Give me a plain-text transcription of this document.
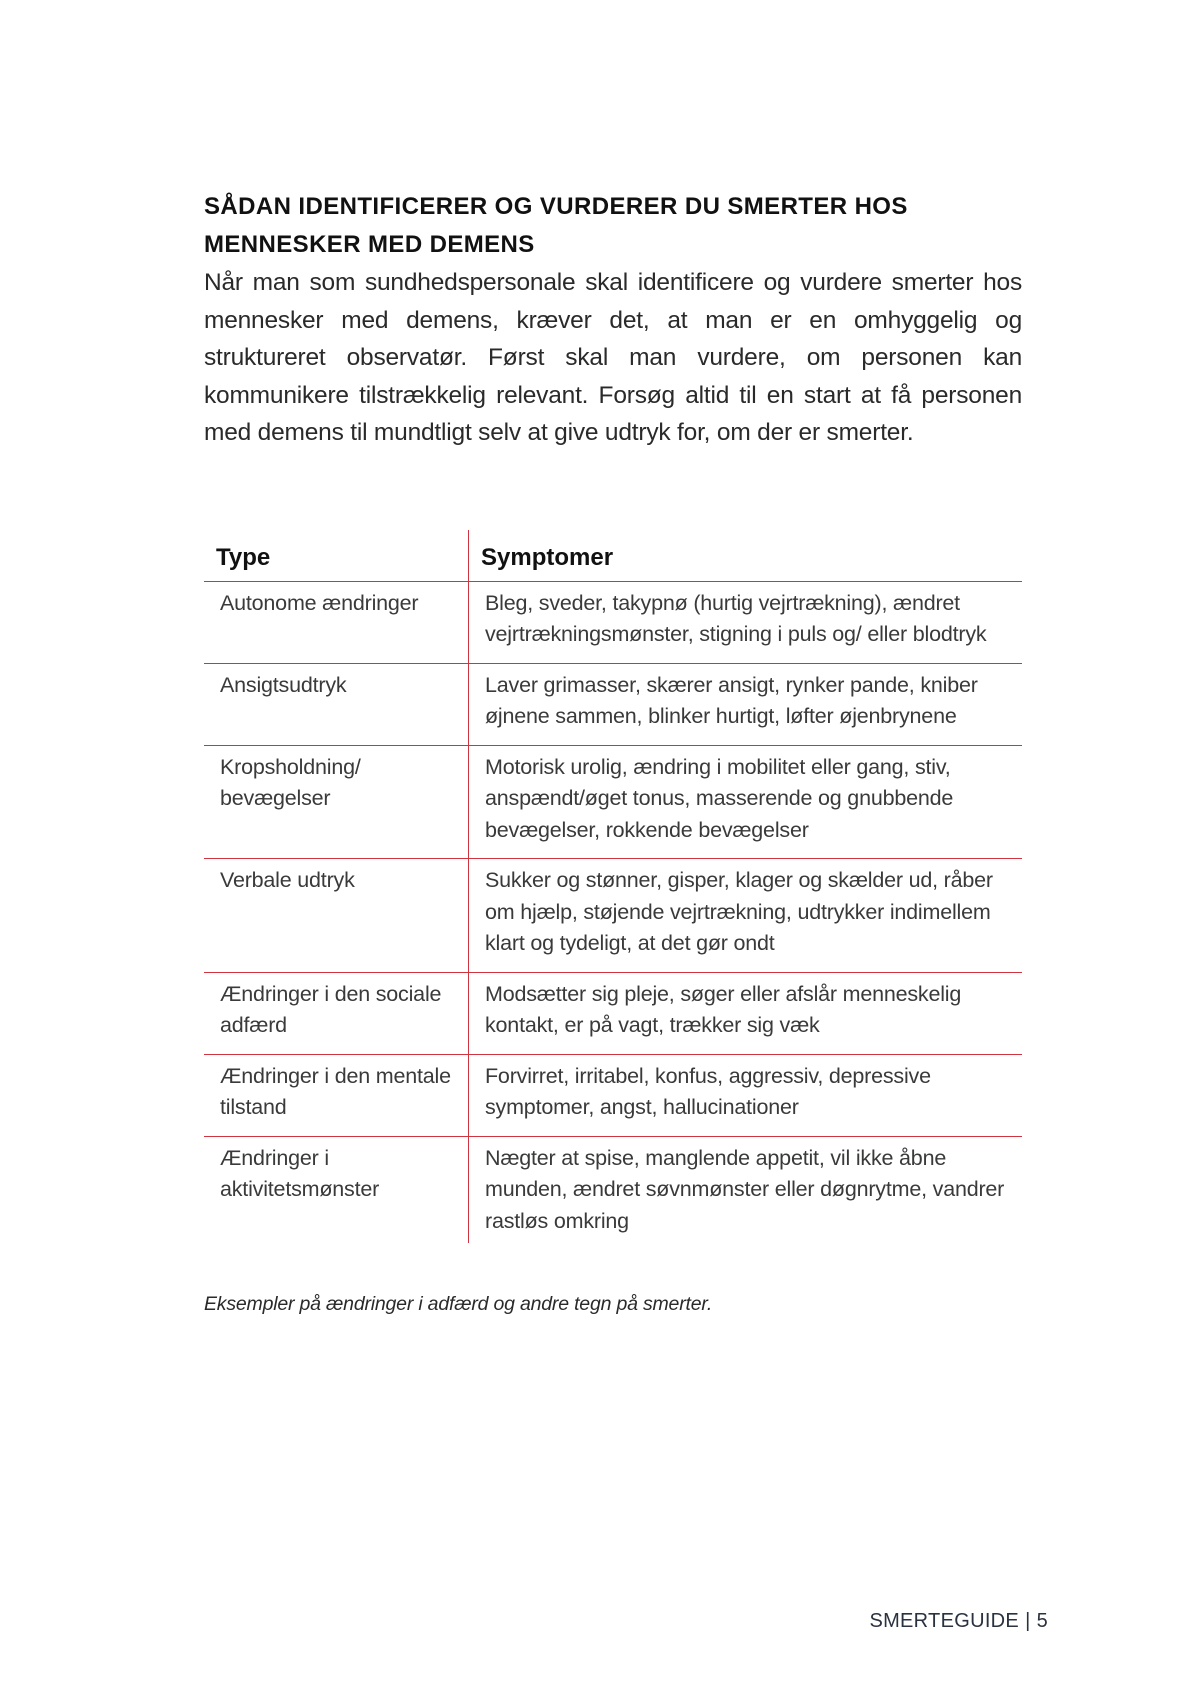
SÅDAN IDENTIFICERER OG VURDERER DU SMERTER HOS MENNESKER MED DEMENS

Når man som sundhedspersonale skal identificere og vurdere smerter hos mennesker med demens, kræver det, at man er en omhyggelig og struktureret observatør. Først skal man vurdere, om personen kan kommunikere tilstrækkelig relevant. Forsøg altid til en start at få personen med demens til mundtligt selv at give udtryk for, om der er smerter.

Type	Symptomer
Autonome ændringer	Bleg, sveder, takypnø (hurtig vejrtrækning), ændret vejrtrækningsmønster, stigning i puls og/ eller blodtryk
Ansigtsudtryk	Laver grimasser, skærer ansigt, rynker pande, kniber øjnene sammen, blinker hurtigt, løfter øjenbrynene
Kropsholdning/ bevægelser	Motorisk urolig, ændring i mobilitet eller gang, stiv, anspændt/øget tonus, masserende og gnubbende bevægelser, rokkende bevægelser
Verbale udtryk	Sukker og stønner, gisper, klager og skælder ud, råber om hjælp, støjende vejrtrækning, udtrykker indimellem klart og tydeligt, at det gør ondt
Ændringer i den sociale adfærd	Modsætter sig pleje, søger eller afslår menneskelig kontakt, er på vagt, trækker sig væk
Ændringer i den mentale tilstand	Forvirret, irritabel, konfus, aggressiv, depressive symptomer, angst, hallucinationer
Ændringer i aktivitetsmønster	Nægter at spise, manglende appetit, vil ikke åbne munden, ændret søvnmønster eller døgnrytme, vandrer rastløs omkring
Eksempler på ændringer i adfærd og andre tegn på smerter.
SMERTEGUIDE | 5
